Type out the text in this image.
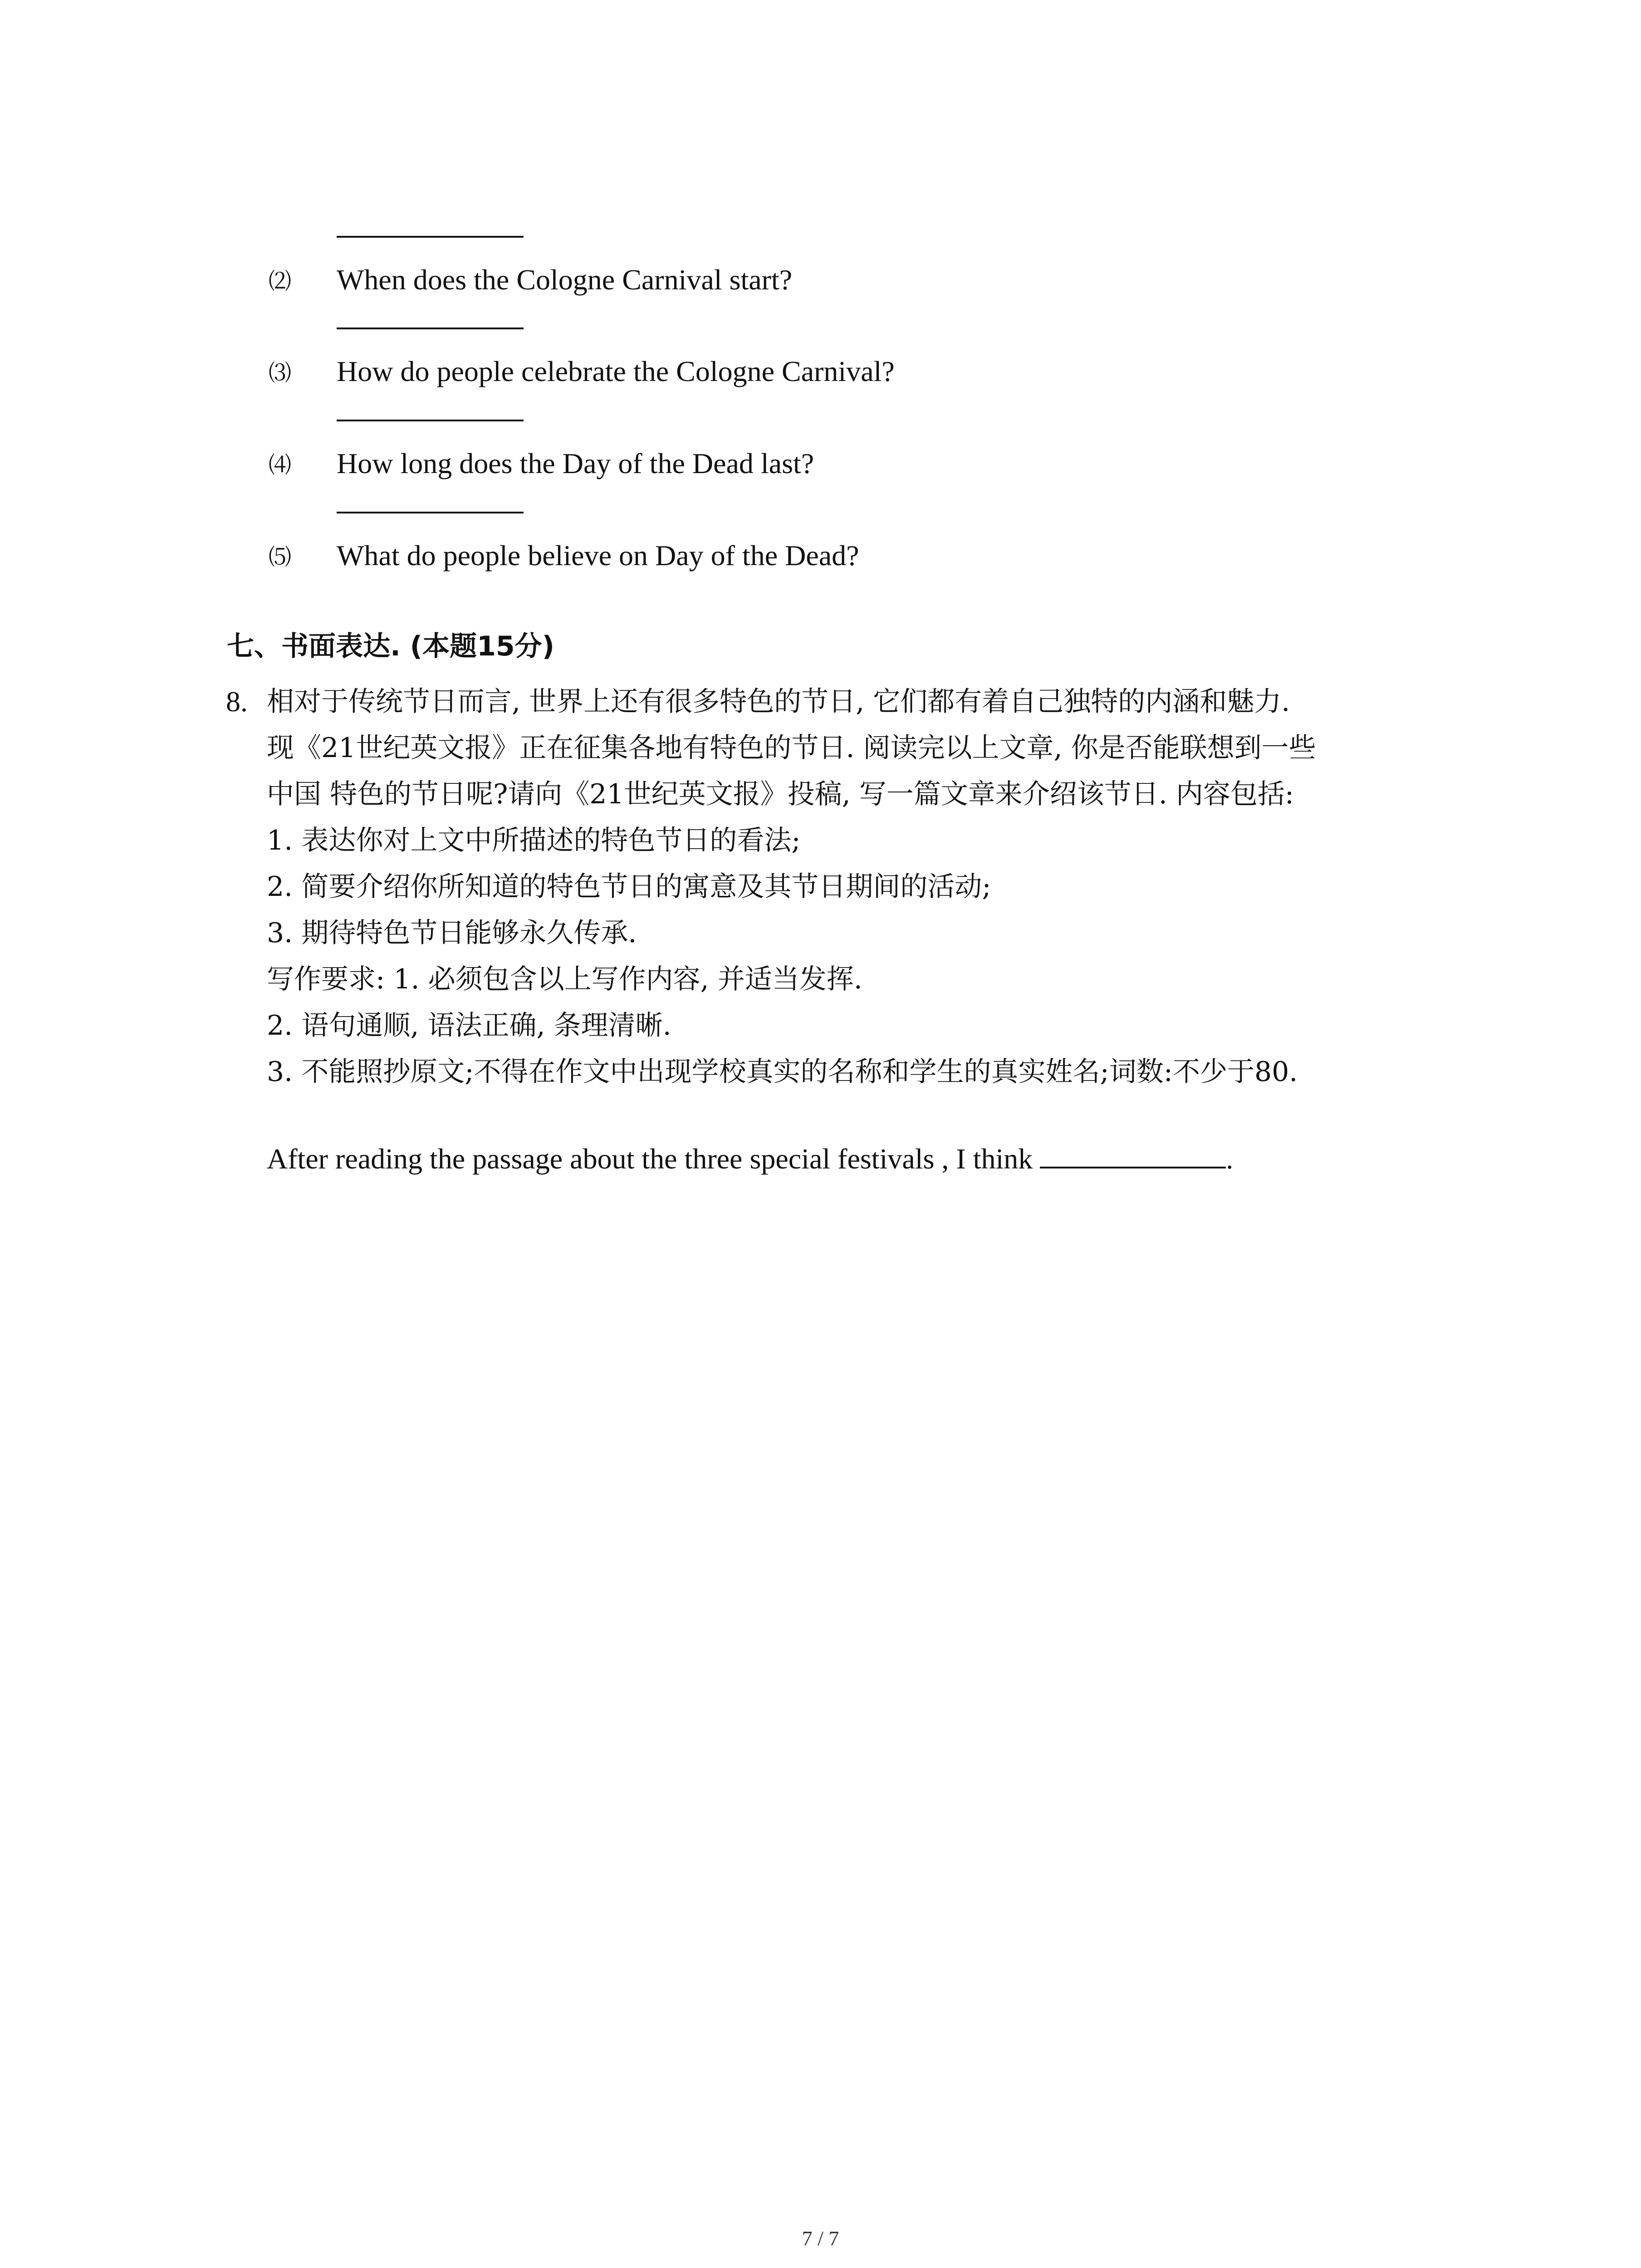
⑵ When does the Cologne Carnival start?
⑶ How do people celebrate the Cologne Carnival?
⑷ How long does the Day of the Dead last?
⑸ What do people believe on Day of the Dead?
七、书面表达. (本题15分)
8. 相对于传统节日而言, 世界上还有很多特色的节日, 它们都有着自己独特的内涵和魅力.
现《21世纪英文报》正在征集各地有特色的节日. 阅读完以上文章, 你是否能联想到一些
中国 特色的节日呢?请向《21世纪英文报》投稿, 写一篇文章来介绍该节日. 内容包括:
1. 表达你对上文中所描述的特色节日的看法;
2. 简要介绍你所知道的特色节日的寓意及其节日期间的活动;
3. 期待特色节日能够永久传承.
写作要求: 1. 必须包含以上写作内容, 并适当发挥.
2. 语句通顺, 语法正确, 条理清晰.
3. 不能照抄原文;不得在作文中出现学校真实的名称和学生的真实姓名;词数:不少于80.
After reading the passage about the three special festivals , I think	.
7 / 7
